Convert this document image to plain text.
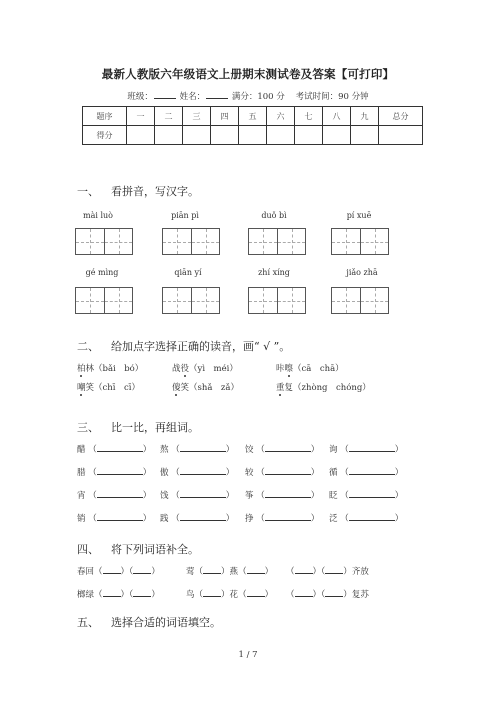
最新人教版六年级语文上册期末测试卷及答案【可打印】
班级：	姓名：	满分：100 分 考试时间：90 分钟
题序	一	二	三	四	五	六	七	八	九	总分
得分										
一、 看拼音，写汉字。
mài luò	piān pì	duǒ bì	pí xuē
gé mìng	qiān yí	zhí xíng	jiǎo zhā
二、 给加点字选择正确的读音，画“ √ ”。
柏林（bǎi　bó）	战役（yì　méi）	咔嚓（cā　chā）
嘲笑（chī　cī）	傻笑（shǎ　zǎ）	重复（zhòng　chóng）
三、 比一比，再组词。
醋 （	） 熬 （	） 饺 （	） 询 （	）
腊 （	） 傲 （	） 较 （	） 循 （	）
宵 （	） 饯 （	） 筝 （	） 眨 （	）
销 （	） 践 （	） 挣 （	） 泛 （	）
四、 将下列词语补全。
春回（ ）（ ）	莺（ ）燕（ ） （ ）（ ）齐放
榔绿（ ）（ ）	鸟（ ）花（ ） （ ）（ ）复苏
五、 选择合适的词语填空。
1 / 7
